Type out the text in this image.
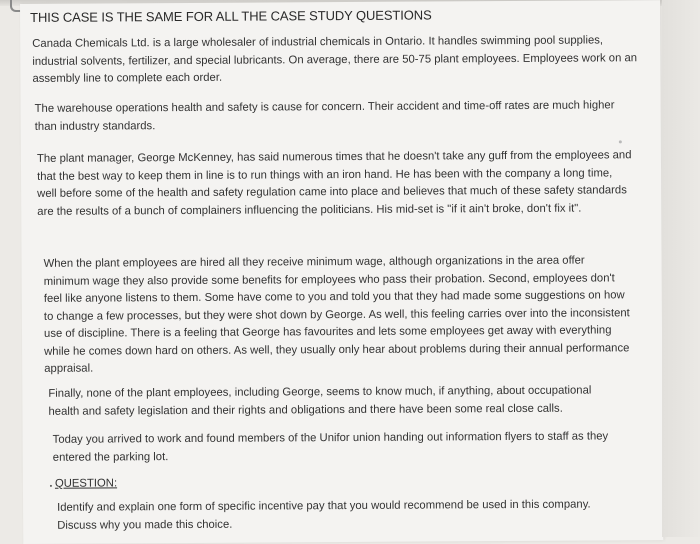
THIS CASE IS THE SAME FOR ALL THE CASE STUDY QUESTIONS

Canada Chemicals Ltd. is a large wholesaler of industrial chemicals in Ontario. It handles swimming pool supplies, industrial solvents, fertilizer, and special lubricants. On average, there are 50-75 plant employees. Employees work on an assembly line to complete each order.

The warehouse operations health and safety is cause for concern. Their accident and time-off rates are much higher than industry standards.

The plant manager, George McKenney, has said numerous times that he doesn't take any guff from the employees and that the best way to keep them in line is to run things with an iron hand. He has been with the company a long time, well before some of the health and safety regulation came into place and believes that much of these safety standards are the results of a bunch of complainers influencing the politicians. His mid-set is "if it ain't broke, don't fix it".

When the plant employees are hired all they receive minimum wage, although organizations in the area offer minimum wage they also provide some benefits for employees who pass their probation. Second, employees don't feel like anyone listens to them. Some have come to you and told you that they had made some suggestions on how to change a few processes, but they were shot down by George. As well, this feeling carries over into the inconsistent use of discipline. There is a feeling that George has favourites and lets some employees get away with everything while he comes down hard on others. As well, they usually only hear about problems during their annual performance appraisal.

Finally, none of the plant employees, including George, seems to know much, if anything, about occupational health and safety legislation and their rights and obligations and there have been some real close calls.

Today you arrived to work and found members of the Unifor union handing out information flyers to staff as they entered the parking lot.

QUESTION:

Identify and explain one form of specific incentive pay that you would recommend be used in this company. Discuss why you made this choice.
